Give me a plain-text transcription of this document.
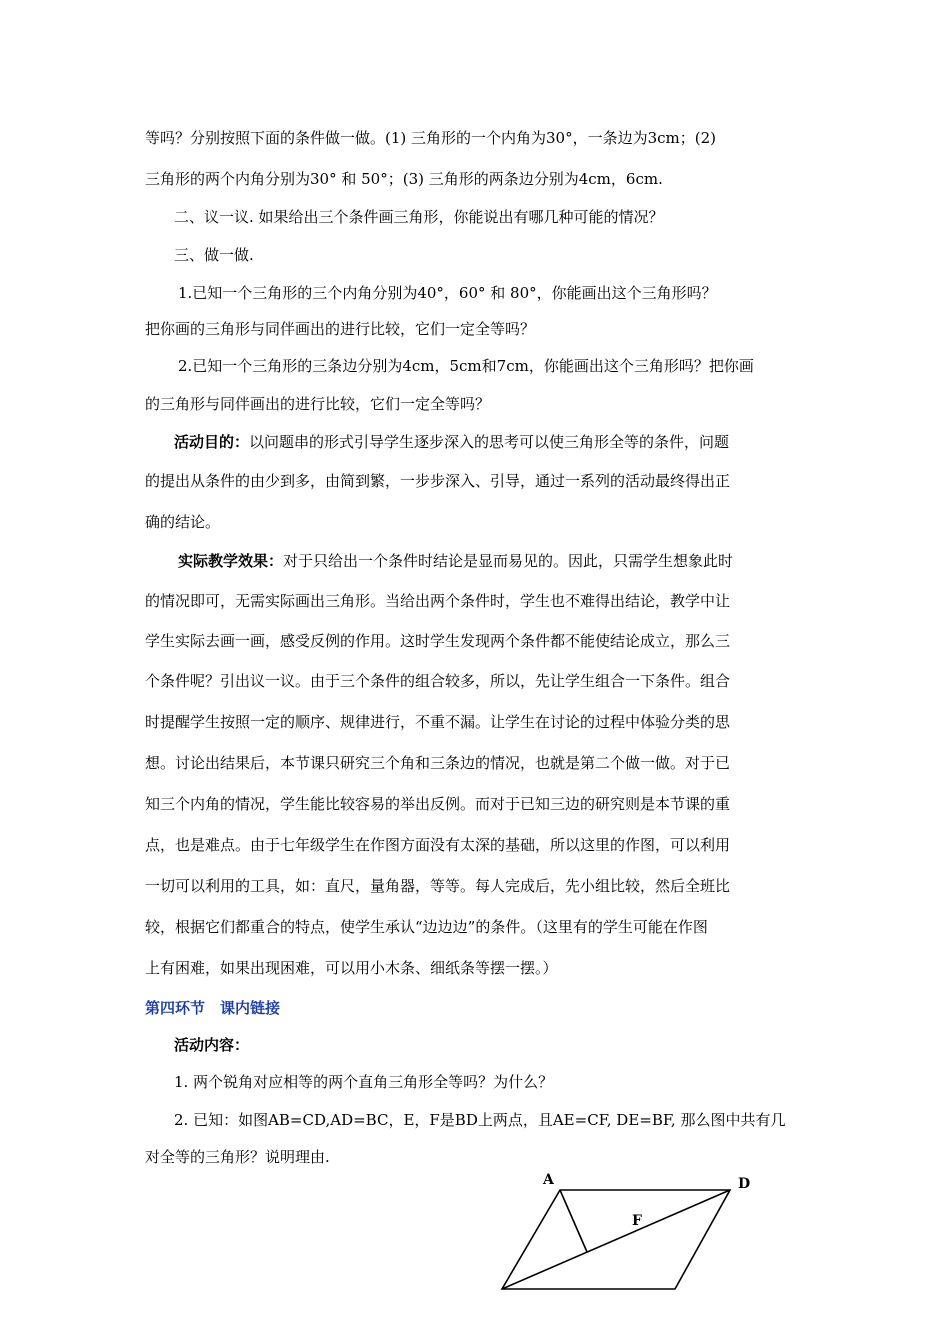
等吗？分别按照下面的条件做一做。(1) 三角形的一个内角为30°，一条边为3cm；(2)
三角形的两个内角分别为30° 和 50°；(3) 三角形的两条边分别为4cm，6cm.
二、议一议. 如果给出三个条件画三角形，你能说出有哪几种可能的情况？
三、做一做.
1.已知一个三角形的三个内角分别为40°，60° 和 80°，你能画出这个三角形吗？
把你画的三角形与同伴画出的进行比较，它们一定全等吗？
2.已知一个三角形的三条边分别为4cm，5cm和7cm，你能画出这个三角形吗？把你画
的三角形与同伴画出的进行比较，它们一定全等吗？
活动目的：以问题串的形式引导学生逐步深入的思考可以使三角形全等的条件，问题
的提出从条件的由少到多，由简到繁，一步步深入、引导，通过一系列的活动最终得出正
确的结论。
实际教学效果：对于只给出一个条件时结论是显而易见的。因此，只需学生想象此时
的情况即可，无需实际画出三角形。当给出两个条件时，学生也不难得出结论，教学中让
学生实际去画一画，感受反例的作用。这时学生发现两个条件都不能使结论成立，那么三
个条件呢？引出议一议。由于三个条件的组合较多，所以，先让学生组合一下条件。组合
时提醒学生按照一定的顺序、规律进行，不重不漏。让学生在讨论的过程中体验分类的思
想。讨论出结果后，本节课只研究三个角和三条边的情况，也就是第二个做一做。对于已
知三个内角的情况，学生能比较容易的举出反例。而对于已知三边的研究则是本节课的重
点，也是难点。由于七年级学生在作图方面没有太深的基础，所以这里的作图，可以利用
一切可以利用的工具，如：直尺，量角器，等等。每人完成后，先小组比较，然后全班比
较，根据它们都重合的特点，使学生承认“边边边”的条件。（这里有的学生可能在作图
上有困难，如果出现困难，可以用小木条、细纸条等摆一摆。）
第四环节　课内链接
活动内容：
1. 两个锐角对应相等的两个直角三角形全等吗？为什么？
2. 已知：如图AB=CD,AD=BC，E，F是BD上两点，且AE=CF, DE=BF, 那么图中共有几
对全等的三角形？说明理由.
A	D
F
